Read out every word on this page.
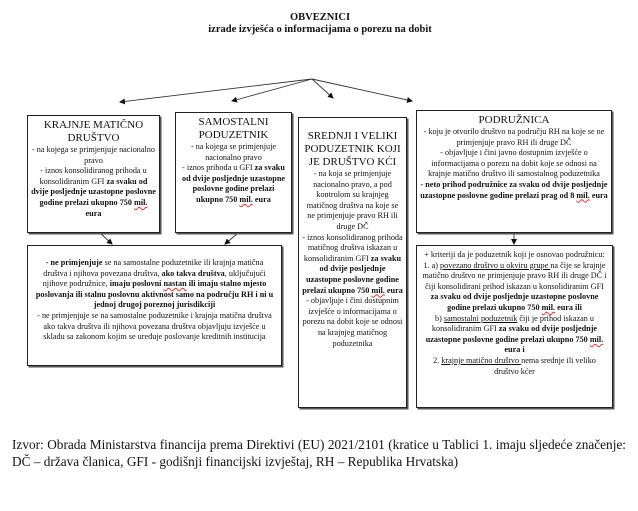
OBVEZNICI
izrade izvješća o informacijama o porezu na dobit
KRAJNJE MATIČNO DRUŠTVO
- na kojega se primjenjuje nacionalno pravo
- iznos konsolidiranog prihoda u konsolidiranim GFI za svaku od dvije posljednje uzastopne poslovne godine prelazi ukupno 750 mil. eura
SAMOSTALNI PODUZETNIK
- na kojega se primjenjuje nacionalno pravo
- iznos prihoda u GFI za svaku od dvije posljednje uzastopne poslovne godine prelazi ukupno 750 mil. eura
SREDNJI I VELIKI PODUZETNIK KOJI JE DRUŠTVO KĆI
- na koja se primjenjuje nacionalno pravo, a pod kontrolom su krajnjeg matičnog društva na koje se ne primjenjuje pravo RH ili druge DČ
- iznos konsolidiranog prihoda matičnog društva iskazan u konsolidiranim GFI za svaku od dvije posljednje uzastopne poslovne godine prelazi ukupno 750 mil. eura
- objavljuje i čini dostupnim izvješće o informacijama o porezu na dobit koje se odnosi na krajnjeg matičnog poduzetnika
PODRUŽNICA
- koju je otvorilo društvo na području RH na koje se ne primjenjuje pravo RH ili druge DČ
- objavljuje i čini javno dostupnim izvješće o informacijama o porezu na dobit koje se odnosi na krajnje matično društvo ili samostalnog poduzetnika
- neto prihod podružnice za svaku od dvije posljednje uzastopne poslovne godine prelazi prag od 8 mil. eura
- ne primjenjuje se na samostalne poduzetnike ili krajnja matična društva i njihova povezana društva, ako takva društva, uključujući njihove podružnice, imaju poslovni nastan ili imaju stalno mjesto poslovanja ili stalnu poslovnu aktivnost samo na području RH i ni u jednoj drugoj poreznoj jurisdikciji
- ne primjenjuje se na samostalne poduzetnike i krajnja matična društva ako takva društva ili njihova povezana društva objavljuju izvješće u skladu sa zakonom kojim se uređuje poslovanje kreditnih institucija
+ kriteriji da je poduzetnik koji je osnovao podružnicu:
1. a) povezano društvo u okviru grupe na čije se krajnje matično društvo ne primjenjuje pravo RH ili druge DČ i čiji konsolidirani prihod iskazan u konsolidiranim GFI za svaku od dvije posljednje uzastopne poslovne godine prelazi ukupno 750 mil. eura ili
b) samostalni poduzetnik čiji je prihod iskazan u konsolidiranim GFI za svaku od dvije posljednje uzastopne poslovne godine prelazi ukupno 750 mil. eura i
2. krajnje matično društvo nema srednje ili veliko društvo kćer
Izvor: Obrada Ministarstva financija prema Direktivi (EU) 2021/2101 (kratice u Tablici 1. imaju sljedeće značenje: DČ – država članica, GFI - godišnji financijski izvještaj, RH – Republika Hrvatska)
